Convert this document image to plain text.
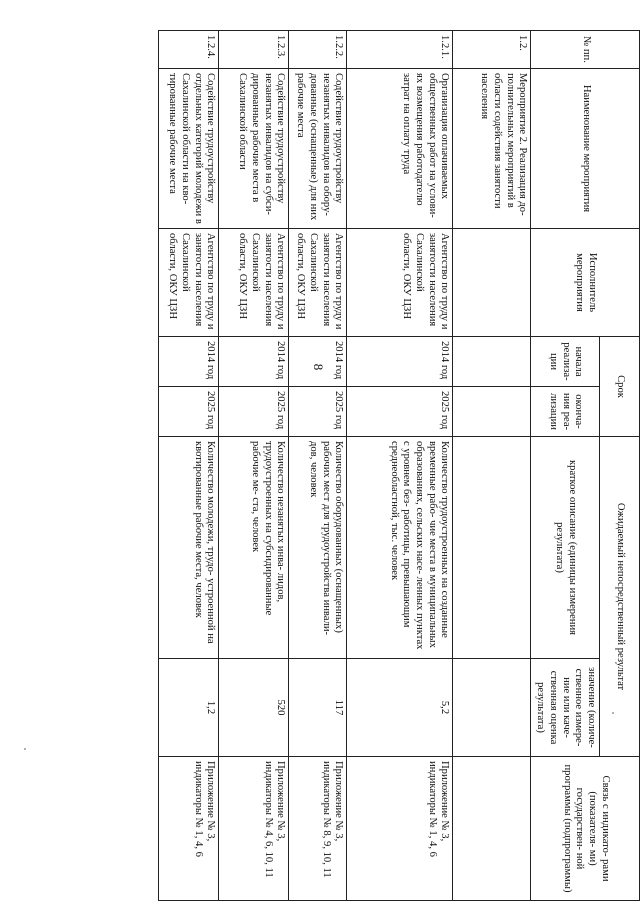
8
№ пп.	Наименование мероприятия	Исполнитель мероприятия	Срок		Ожидаемый непосредственный результат		Связь с индикато- рами (показателя- ми) государствен- ной программы (подпрограммы)
			начала реализа- ции	оконча- ния реа- лизации	краткое описание (единицы измерения результата)	значение (количе- ственное измере- ние или каче- ственная оценка результата)	
1.2.	Мероприятие 2. Реализация до- полнительных мероприятий в области содействия занятости населения						
1.2.1.	Организация оплачиваемых общественных работ на услови- ях возмещения работодателю затрат на оплату труда	Агентство по труду и занятости населения Сахалинской области, ОКУ ЦЗН	2014 год	2025 год	Количество трудоустроенных на созданные временные рабо- чие места в муниципальных образованиях, сельских насе- ленных пунктах с уровнем без- работицы, превышающим среднеобластной, тыс. человек	5,2	Приложение № 3, индикаторы № 1, 4, 6
1.2.2.	Содействие трудоустройству незанятых инвалидов на обору- дованные (оснащенные) для них рабочие места	Агентство по труду и занятости населения Сахалинской области, ОКУ ЦЗН	2014 год	2025 год	Количество оборудованных (оснащенных) рабочих мест для трудоустройства инвали- дов, человек	117	Приложение № 3, индикаторы № 8, 9, 10, 11
1.2.3.	Содействие трудоустройству незанятых инвалидов на субси- дированные рабочие места в Сахалинской области	Агентство по труду и занятости населения Сахалинской области, ОКУ ЦЗН	2014 год	2025 год	Количество незанятых инва- лидов, трудоустроенных на субсидированные рабочие ме- ста, человек	520	Приложение № 3, индикаторы № 4, 6, 10, 11
1.2.4.	Содействие трудоустройству отдельных категорий молодежи в Сахалинской области на кво- тированные рабочие места	Агентство по труду и занятости населения Сахалинской области, ОКУ ЦЗН	2014 год	2025 год	Количество молодежи, трудо- устроенной на квотированные рабочие места, человек	1,2	Приложение № 3, индикаторы № 1, 4, 6
